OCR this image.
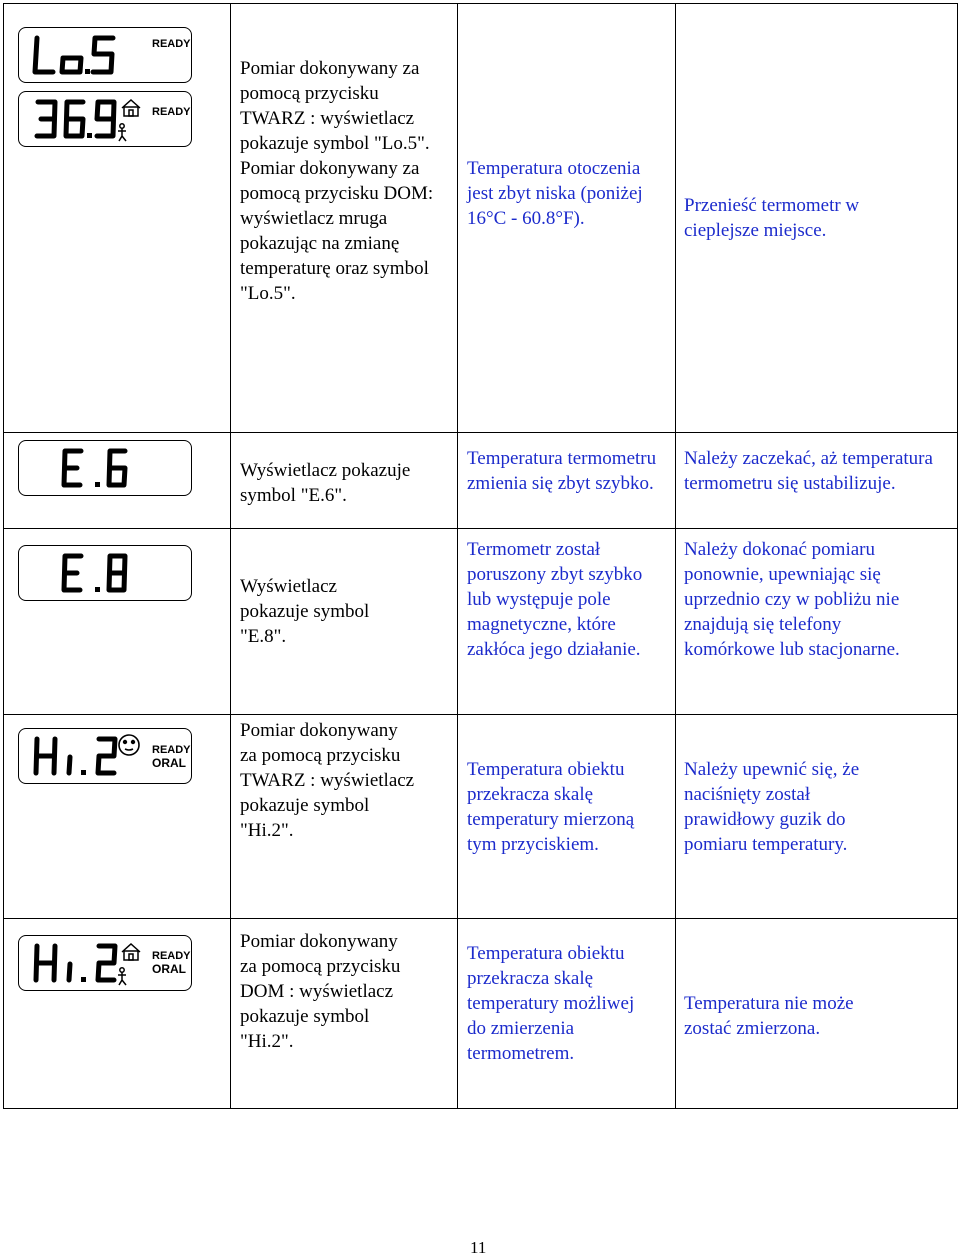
READY
READY
Pomiar dokonywany za pomocą przycisku TWARZ : wyświetlacz pokazuje symbol "Lo.5". Pomiar dokonywany za pomocą przycisku DOM: wyświetlacz mruga pokazując na zmianę temperaturę oraz symbol "Lo.5".
Temperatura otoczenia jest zbyt niska (poniżej 16°C - 60.8°F).
Przenieść termometr w cieplejsze miejsce.
Wyświetlacz pokazuje symbol "E.6".
Temperatura termometru zmienia się zbyt szybko.
Należy zaczekać, aż temperatura termometru się ustabilizuje.
Wyświetlacz pokazuje symbol "E.8".
Termometr został poruszony zbyt szybko lub występuje pole magnetyczne, które zakłóca jego działanie.
Należy dokonać pomiaru ponownie, upewniając się uprzednio czy w pobliżu nie znajdują się telefony komórkowe lub stacjonarne.
READY
ORAL
Pomiar dokonywany za pomocą przycisku TWARZ : wyświetlacz pokazuje symbol "Hi.2".
Temperatura obiektu przekracza skalę temperatury mierzoną tym przyciskiem.
Należy upewnić się, że naciśnięty został prawidłowy guzik do pomiaru temperatury.
READY
ORAL
Pomiar dokonywany za pomocą przycisku DOM : wyświetlacz pokazuje symbol "Hi.2".
Temperatura obiektu przekracza skalę temperatury możliwej do zmierzenia termometrem.
Temperatura nie może zostać zmierzona.
11
